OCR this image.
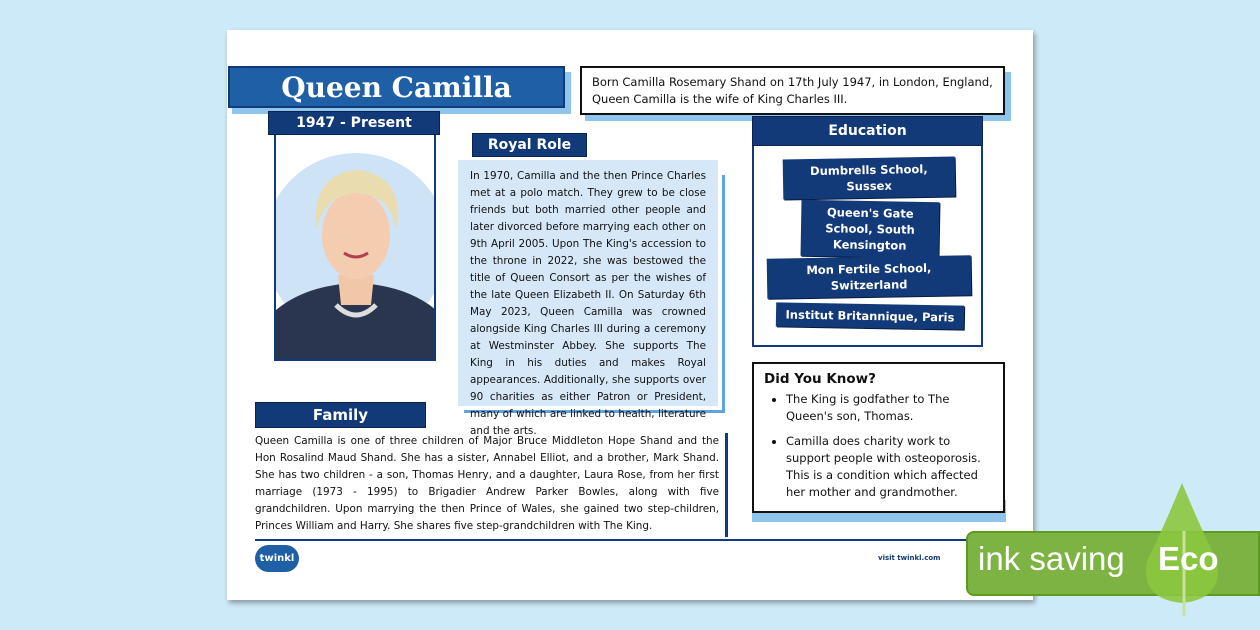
Queen Camilla
1947 - Present
Born Camilla Rosemary Shand on 17th July 1947, in London, England, Queen Camilla is the wife of King Charles III.
Royal Role
In 1970, Camilla and the then Prince Charles met at a polo match. They grew to be close friends but both married other people and later divorced before marrying each other on 9th April 2005. Upon The King's accession to the throne in 2022, she was bestowed the title of Queen Consort as per the wishes of the late Queen Elizabeth II. On Saturday 6th May 2023, Queen Camilla was crowned alongside King Charles III during a ceremony at Westminster Abbey. She supports The King in his duties and makes Royal appearances. Additionally, she supports over 90 charities as either Patron or President, many of which are linked to health, literature and the arts.
Education
Dumbrells School, Sussex
Queen's Gate School, South Kensington
Mon Fertile School, Switzerland
Institut Britannique, Paris
Did You Know?
• The King is godfather to The Queen's son, Thomas.
• Camilla does charity work to support people with osteoporosis. This is a condition which affected her mother and grandmother.
Family
Queen Camilla is one of three children of Major Bruce Middleton Hope Shand and the Hon Rosalind Maud Shand. She has a sister, Annabel Elliot, and a brother, Mark Shand. She has two children - a son, Thomas Henry, and a daughter, Laura Rose, from her first marriage (1973 - 1995) to Brigadier Andrew Parker Bowles, along with five grandchildren. Upon marrying the then Prince of Wales, she gained two step-children, Princes William and Harry. She shares five step-grandchildren with The King.
twinkl	visit twinkl.com ink saving Eco
